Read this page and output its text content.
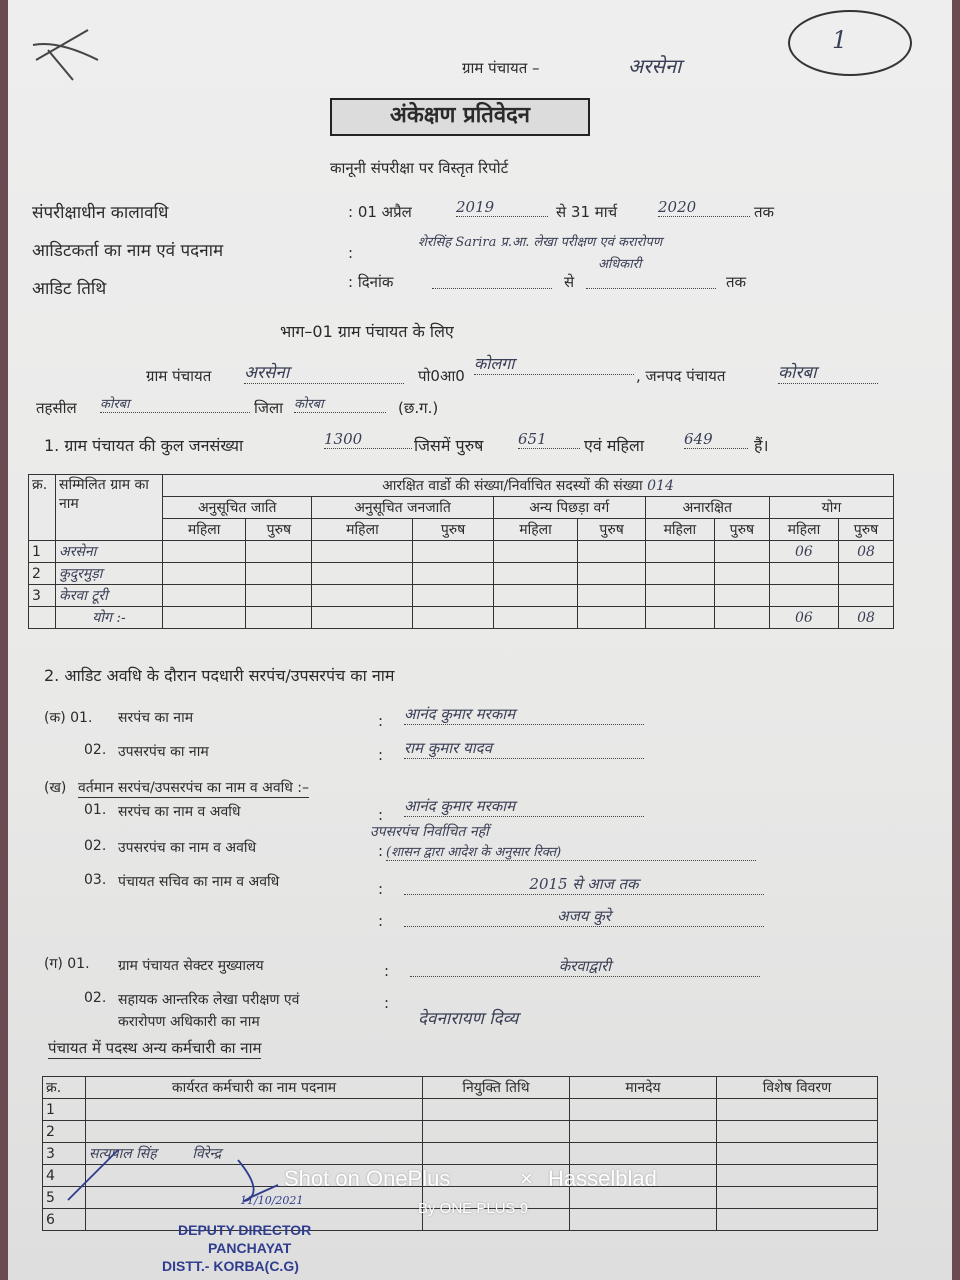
ग्राम पंचायत –	अरसेना
1
अंकेक्षण प्रतिवेदन
कानूनी संपरीक्षा पर विस्तृत रिपोर्ट
संपरीक्षाधीन कालावधि	: 01 अप्रैल	2019	से 31 मार्च	2020	तक
आडिटकर्ता का नाम एवं पदनाम	:
शेरसिंह Sarira प्र.आ. लेखा परीक्षण एवं करारोपण
अधिकारी
आडिट तिथि	: दिनांक	से	तक
भाग–01 ग्राम पंचायत के लिए
ग्राम पंचायत अरसेना	पो0आ0
कोलगा
, जनपद पंचायत	कोरबा
तहसील कोरबा	जिला कोरबा	(छ.ग.)
1. ग्राम पंचायत की कुल जनसंख्या	1300	जिसमें पुरुष 651	एवं महिला	649	हैं।
क्र.	सम्मिलित ग्राम का नाम	आरक्षित वार्डो की संख्या/निर्वाचित सदस्यों की संख्या 014									
		अनुसूचित जाति		अनुसूचित जनजाति		अन्य पिछड़ा वर्ग		अनारक्षित		योग	
		महिला	पुरुष	महिला	पुरुष	महिला	पुरुष	महिला	पुरुष	महिला	पुरुष
1	अरसेना									06	08
2	कुदुरमुड़ा										
3	केरवा टूरी										
	योग :-									06	08
2. आडिट अवधि के दौरान पदधारी सरपंच/उपसरपंच का नाम
(क) 01. सरपंच का नाम	: आनंद कुमार मरकाम
02. उपसरपंच का नाम	: राम कुमार यादव
(ख) वर्तमान सरपंच/उपसरपंच का नाम व अवधि :–
01. सरपंच का नाम व अवधि	: आनंद कुमार मरकाम
02. उपसरपंच का नाम व अवधि	:
उपसरपंच निर्वाचित नहीं
(शासन द्वारा आदेश के अनुसार रिक्त)
03. पंचायत सचिव का नाम व अवधि	:	2015 से आज तक
:	अजय कुरे
(ग) 01. ग्राम पंचायत सेक्टर मुख्यालय	:	केरवाद्वारी
02. सहायक आन्तरिक लेखा परीक्षण एवं
करारोपण अधिकारी का नाम
:
देवनारायण दिव्य
पंचायत में पदस्थ अन्य कर्मचारी का नाम
क्र.	कार्यरत कर्मचारी का नाम पदनाम	नियुक्ति तिथि	मानदेय	विशेष विवरण
1				
2				
3	सत्यपाल सिंह विरेन्द्र			
4				
5				
6				
11/10/2021
DEPUTY DIRECTOR
PANCHAYAT
DISTT.- KORBA(C.G)
Shot on OnePlus	× Hasselblad
By ONE PLUS 9
